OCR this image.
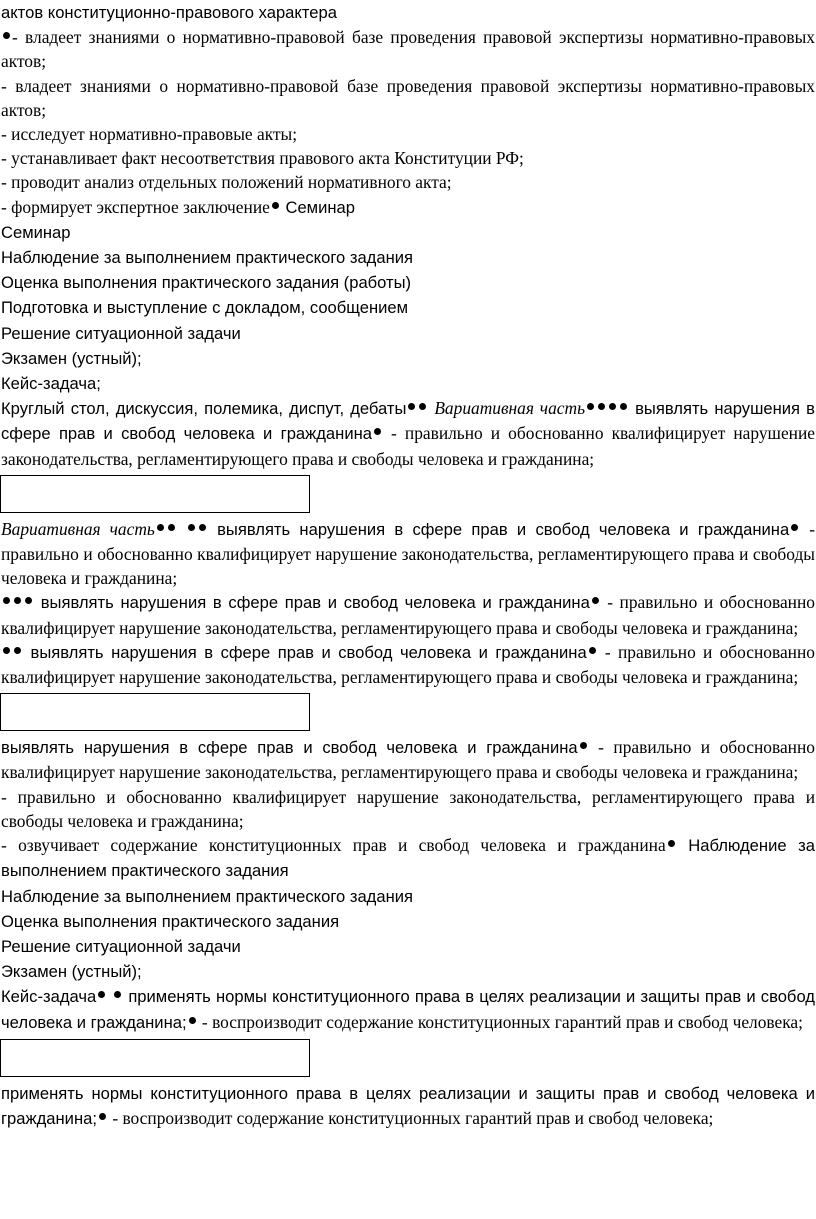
актов конституционно-правового характера

- владеет знаниями о нормативно-правовой базе проведения правовой экспертизы нормативно-правовых актов;

- владеет знаниями о нормативно-правовой базе проведения правовой экспертизы нормативно-правовых актов;

- исследует нормативно-правовые акты;

- устанавливает факт несоответствия правового акта Конституции РФ;

- проводит анализ отдельных положений нормативного акта;

- формирует экспертное заключение Семинар

Семинар

Наблюдение за выполнением практического задания

Оценка выполнения практического задания (работы)

Подготовка и выступление с докладом, сообщением

Решение ситуационной задачи

Экзамен (устный);

Кейс-задача;

Круглый стол, дискуссия, полемика, диспут, дебаты Вариативная часть	выявлять нарушения в сфере прав и свобод человека и гражданина - правильно и обоснованно квалифицирует нарушение законодательства, регламентирующего права и свободы человека и гражданина;

Вариативная часть	выявлять нарушения в сфере прав и свобод человека и гражданина - правильно и обоснованно квалифицирует нарушение законодательства, регламентирующего права и свободы человека и гражданина;

выявлять нарушения в сфере прав и свобод человека и гражданина - правильно и обоснованно квалифицирует нарушение законодательства, регламентирующего права и свободы человека и гражданина;

выявлять нарушения в сфере прав и свобод человека и гражданина - правильно и обоснованно квалифицирует нарушение законодательства, регламентирующего права и свободы человека и гражданина;

выявлять нарушения в сфере прав и свобод человека и гражданина - правильно и обоснованно квалифицирует нарушение законодательства, регламентирующего права и свободы человека и гражданина;

- правильно и обоснованно квалифицирует нарушение законодательства, регламентирующего права и свободы человека и гражданина;

- озвучивает содержание конституционных прав и свобод человека и гражданина Наблюдение за выполнением практического задания

Наблюдение за выполнением практического задания

Оценка выполнения практического задания

Решение ситуационной задачи

Экзамен (устный);

Кейс-задача  применять нормы конституционного права в целях реализации и защиты прав и свобод человека и гражданина; - воспроизводит содержание конституционных гарантий прав и свобод человека;

применять нормы конституционного права в целях реализации и защиты прав и свобод человека и гражданина; - воспроизводит содержание конституционных гарантий прав и свобод человека;
